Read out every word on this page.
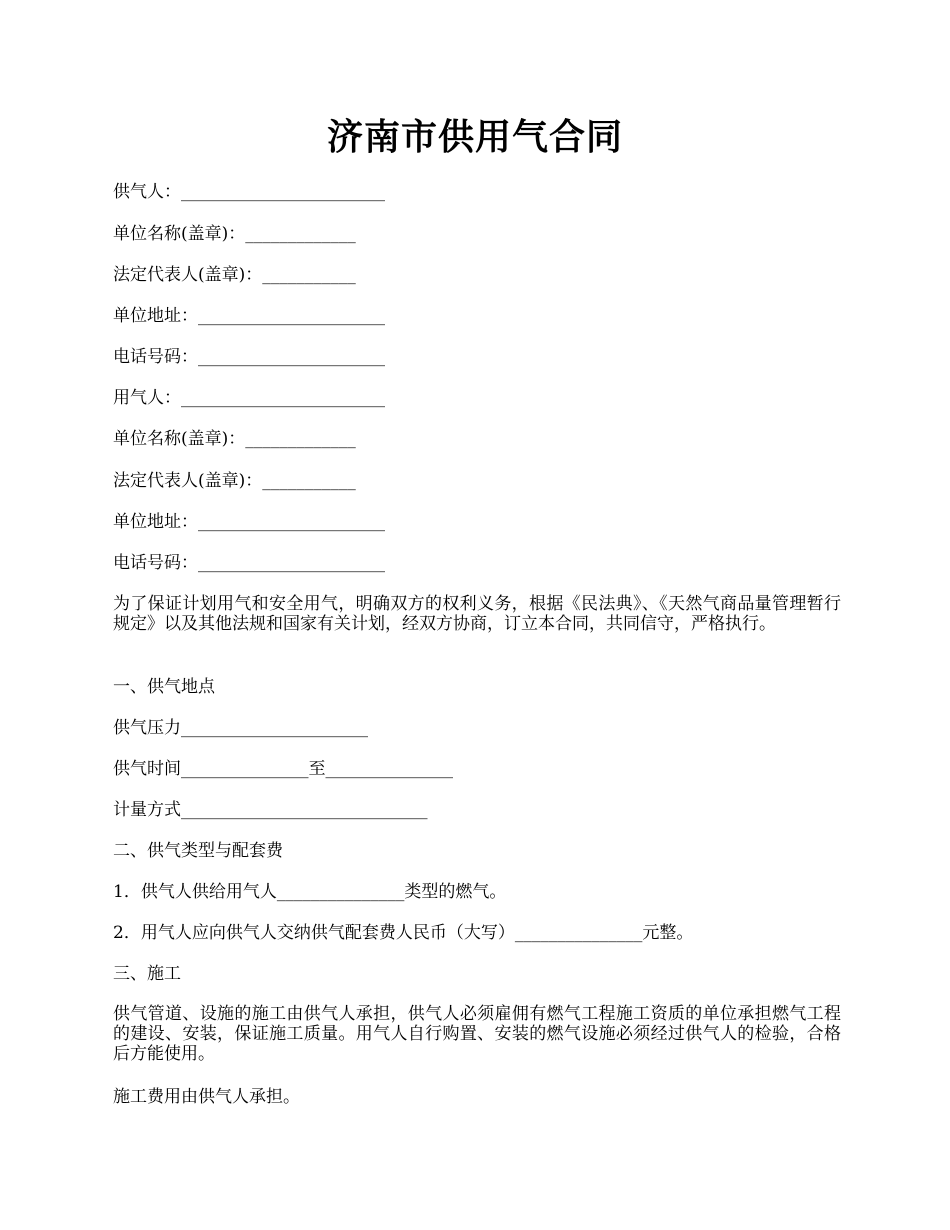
济南市供用气合同
供气人：________________________
单位名称(盖章)：_____________
法定代表人(盖章)：___________
单位地址：______________________
电话号码：______________________
用气人：________________________
单位名称(盖章)：_____________
法定代表人(盖章)：___________
单位地址：______________________
电话号码：______________________
为了保证计划用气和安全用气，明确双方的权利义务，根据《民法典》、《天然气商品量管理暂行规定》以及其他法规和国家有关计划，经双方协商，订立本合同，共同信守，严格执行。
一、供气地点
供气压力______________________
供气时间_______________至_______________
计量方式_____________________________
二、供气类型与配套费
1．供气人供给用气人_______________类型的燃气。
2．用气人应向供气人交纳供气配套费人民币（大写）_______________元整。
三、施工
供气管道、设施的施工由供气人承担，供气人必须雇佣有燃气工程施工资质的单位承担燃气工程的建设、安装，保证施工质量。用气人自行购置、安装的燃气设施必须经过供气人的检验，合格后方能使用。
施工费用由供气人承担。
